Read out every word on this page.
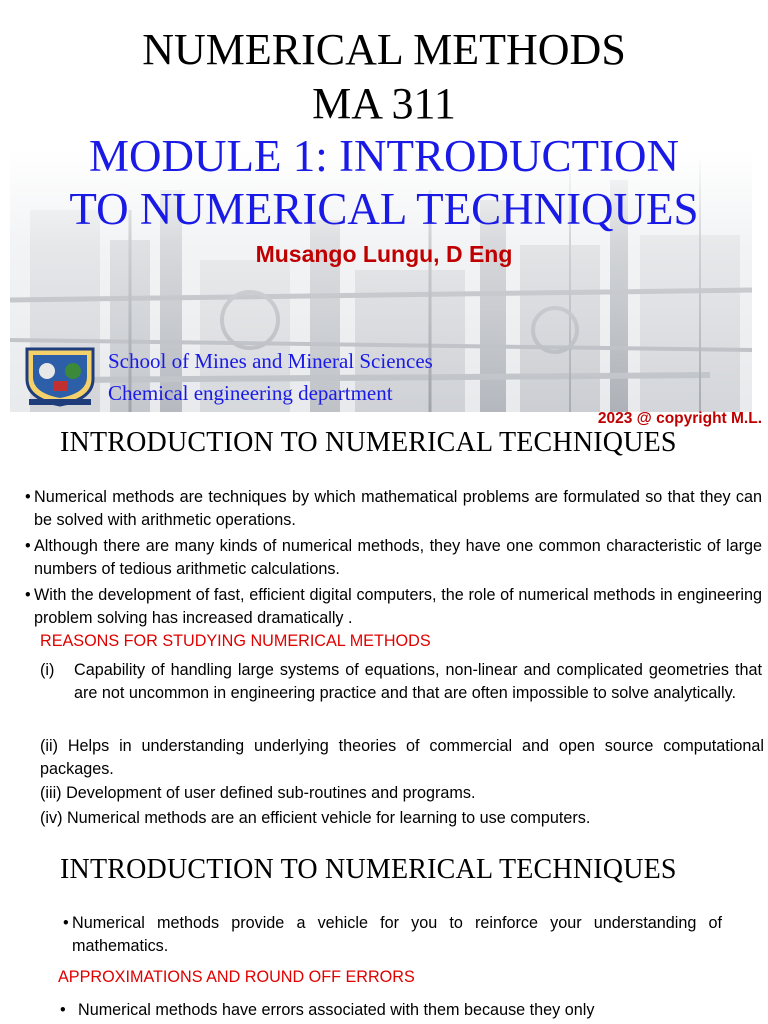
NUMERICAL METHODS
MA 311
MODULE 1: INTRODUCTION
TO NUMERICAL TECHNIQUES

Musango Lungu, D Eng

School of Mines and Mineral Sciences

Chemical engineering department

2023 @ copyright M.L.

INTRODUCTION TO NUMERICAL TECHNIQUES

• Numerical methods are techniques by which mathematical problems are formulated so that they can be solved with arithmetic operations.

• Although there are many kinds of numerical methods, they have one common characteristic of large numbers of tedious arithmetic calculations.

• With the development of fast, efficient digital computers, the role of numerical methods in engineering problem solving has increased dramatically .

REASONS FOR STUDYING NUMERICAL METHODS

(i) Capability of handling large systems of equations, non-linear and complicated geometries that are not uncommon in engineering practice and that are often impossible to solve analytically.

(ii) Helps in understanding underlying theories of commercial and open source computational packages.

(iii) Development of user defined sub-routines and programs.

(iv) Numerical methods are an efficient vehicle for learning to use computers.

INTRODUCTION TO NUMERICAL TECHNIQUES

• Numerical methods provide a vehicle for you to reinforce your understanding of mathematics.

APPROXIMATIONS AND ROUND OFF ERRORS

• Numerical methods have errors associated with them because they only
